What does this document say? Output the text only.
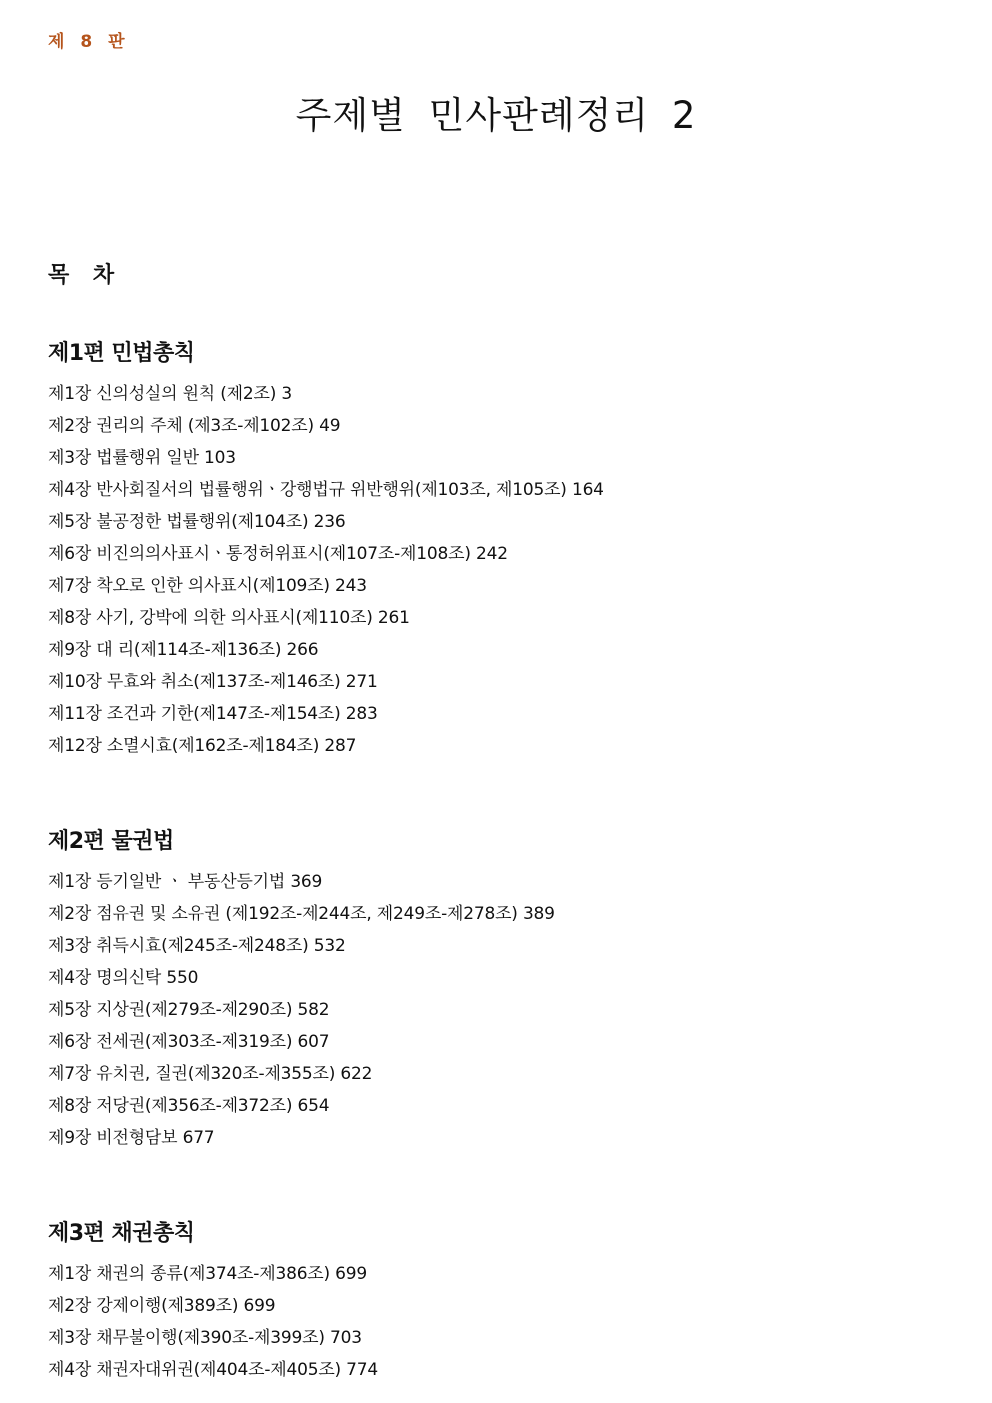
제 8 판
주제별 민사판례정리 2
목 차
제1편 민법총칙
제1장 신의성실의 원칙 (제2조) 3
제2장 권리의 주체 (제3조-제102조) 49
제3장 법률행위 일반 103
제4장 반사회질서의 법률행위ㆍ강행법규 위반행위(제103조, 제105조) 164
제5장 불공정한 법률행위(제104조) 236
제6장 비진의의사표시ㆍ통정허위표시(제107조-제108조) 242
제7장 착오로 인한 의사표시(제109조) 243
제8장 사기, 강박에 의한 의사표시(제110조) 261
제9장 대 리(제114조-제136조) 266
제10장 무효와 취소(제137조-제146조) 271
제11장 조건과 기한(제147조-제154조) 283
제12장 소멸시효(제162조-제184조) 287
제2편 물권법
제1장 등기일반 ㆍ 부동산등기법 369
제2장 점유권 및 소유권 (제192조-제244조, 제249조-제278조) 389
제3장 취득시효(제245조-제248조) 532
제4장 명의신탁 550
제5장 지상권(제279조-제290조) 582
제6장 전세권(제303조-제319조) 607
제7장 유치권, 질권(제320조-제355조) 622
제8장 저당권(제356조-제372조) 654
제9장 비전형담보 677
제3편 채권총칙
제1장 채권의 종류(제374조-제386조) 699
제2장 강제이행(제389조) 699
제3장 채무불이행(제390조-제399조) 703
제4장 채권자대위권(제404조-제405조) 774
